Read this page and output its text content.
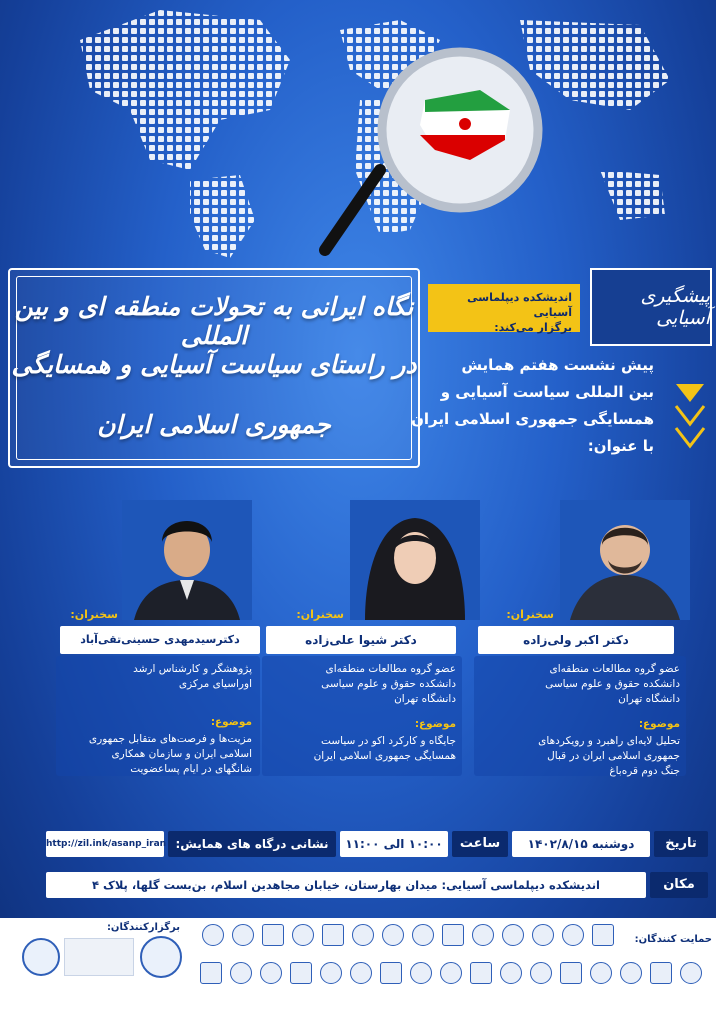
نگاه ایرانی به تحولات منطقه ای و بین المللی
در راستای سیاست آسیایی و همسایگی
جمهوری اسلامی ایران
اندیشکده دیپلماسی آسیایی
برگزار می‌کند:
پیشگیری آسیایی
پیش نشست هفتم همایش
بین المللی سیاست آسیایی و
همسایگی جمهوری اسلامی ایران
با عنوان:
سخنران:
دکتر اکبر ولی‌زاده
عضو گروه مطالعات منطقه‌ای
دانشکده حقوق و علوم سیاسی
دانشگاه تهران
موضوع:
تحلیل لایه‌ای راهبرد و رویکردهای
جمهوری اسلامی ایران در قبال
جنگ دوم قره‌باغ
سخنران:
دکتر شیوا علی‌زاده
عضو گروه مطالعات منطقه‌ای
دانشکده حقوق و علوم سیاسی
دانشگاه تهران
موضوع:
جایگاه و کارکرد اکو در سیاست
همسایگی جمهوری اسلامی ایران
سخنران:
دکترسیدمهدی حسینی‌تقی‌آباد
پژوهشگر و کارشناس ارشد
اوراسیای مرکزی
موضوع:
مزیت‌ها و فرصت‌های متقابل جمهوری
اسلامی ایران و سازمان همکاری
شانگهای در ایام پساعضویت
تاریخ
دوشنبه ۱۴۰۲/۸/۱۵
ساعت
۱۰:۰۰ الی ۱۱:۰۰
نشانی درگاه های همایش:
http://zil.ink/asanp_iran
مکان
اندیشکده دیپلماسی آسیایی: میدان بهارستان، خیابان مجاهدین اسلام، بن‌بست گلها، پلاک ۴
حمایت کنندگان:
برگزارکنندگان:
